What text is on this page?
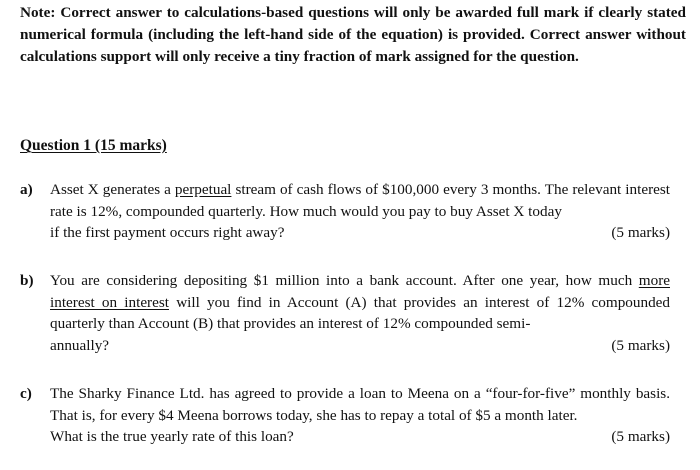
Note: Correct answer to calculations-based questions will only be awarded full mark if clearly stated numerical formula (including the left-hand side of the equation) is provided. Correct answer without calculations support will only receive a tiny fraction of mark assigned for the question.
Question 1 (15 marks)
a) Asset X generates a perpetual stream of cash flows of $100,000 every 3 months. The relevant interest rate is 12%, compounded quarterly. How much would you pay to buy Asset X today
if the first payment occurs right away?	(5 marks)
b) You are considering depositing $1 million into a bank account. After one year, how much more interest on interest will you find in Account (A) that provides an interest of 12% compounded quarterly than Account (B) that provides an interest of 12% compounded semi-
annually?	(5 marks)
c) The Sharky Finance Ltd. has agreed to provide a loan to Meena on a “four-for-five” monthly basis. That is, for every $4 Meena borrows today, she has to repay a total of $5 a month later.
What is the true yearly rate of this loan?	(5 marks)
